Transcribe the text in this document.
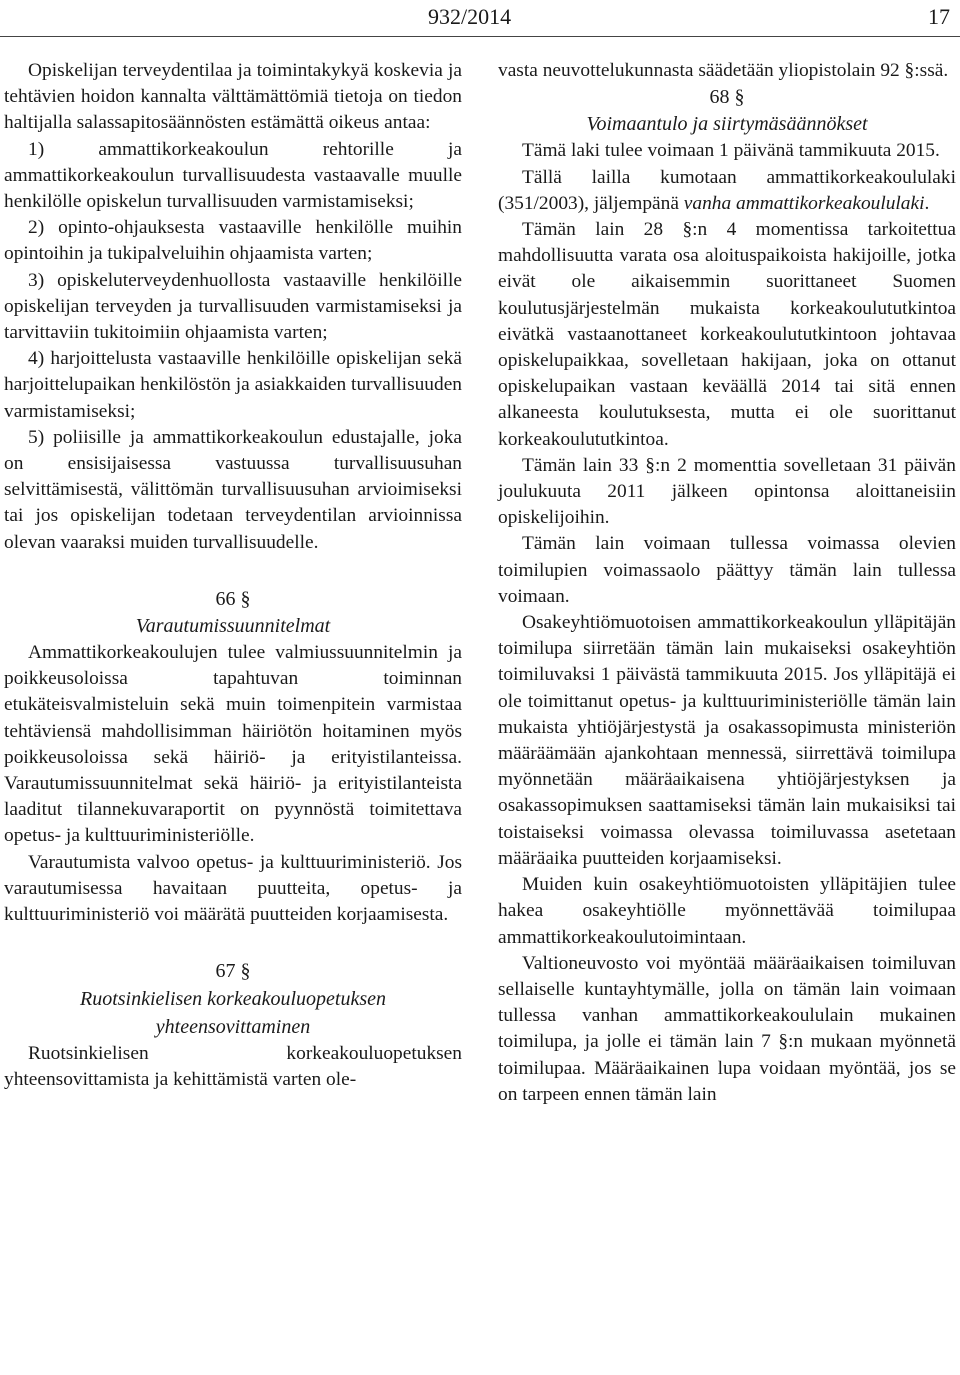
932/2014	17

Opiskelijan terveydentilaa ja toimintakykyä koskevia ja tehtävien hoidon kannalta välttämättömiä tietoja on tiedon haltijalla salassapitosäännösten estämättä oikeus antaa:

1) ammattikorkeakoulun rehtorille ja ammattikorkeakoulun turvallisuudesta vastaavalle muulle henkilölle opiskelun turvallisuuden varmistamiseksi;

2) opinto-ohjauksesta vastaaville henkilölle muihin opintoihin ja tukipalveluihin ohjaamista varten;

3) opiskeluterveydenhuollosta vastaaville henkilöille opiskelijan terveyden ja turvallisuuden varmistamiseksi ja tarvittaviin tukitoimiin ohjaamista varten;

4) harjoittelusta vastaaville henkilöille opiskelijan sekä harjoittelupaikan henkilöstön ja asiakkaiden turvallisuuden varmistamiseksi;

5) poliisille ja ammattikorkeakoulun edustajalle, joka on ensisijaisessa vastuussa turvallisuusuhan selvittämisestä, välittömän turvallisuusuhan arvioimiseksi tai jos opiskelijan todetaan terveydentilan arvioinnissa olevan vaaraksi muiden turvallisuudelle.

66 §

Varautumissuunnitelmat

Ammattikorkeakoulujen tulee valmiussuunnitelmin ja poikkeusoloissa tapahtuvan toiminnan etukäteisvalmisteluin sekä muin toimenpitein varmistaa tehtäviensä mahdollisimman häiriötön hoitaminen myös poikkeusoloissa sekä häiriö- ja erityistilanteissa. Varautumissuunnitelmat sekä häiriö- ja erityistilanteista laaditut tilannekuvaraportit on pyynnöstä toimitettava opetus- ja kulttuuriministeriölle.

Varautumista valvoo opetus- ja kulttuuriministeriö. Jos varautumisessa havaitaan puutteita, opetus- ja kulttuuriministeriö voi määrätä puutteiden korjaamisesta.

67 §

Ruotsinkielisen korkeakouluopetuksen yhteensovittaminen

Ruotsinkielisen korkeakouluopetuksen yhteensovittamista ja kehittämistä varten ole-

vasta neuvottelukunnasta säädetään yliopistolain 92 §:ssä.

68 §

Voimaantulo ja siirtymäsäännökset

Tämä laki tulee voimaan 1 päivänä tammikuuta 2015.

Tällä lailla kumotaan ammattikorkeakoululaki (351/2003), jäljempänä vanha ammattikorkeakoululaki.

Tämän lain 28 §:n 4 momentissa tarkoitettua mahdollisuutta varata osa aloituspaikoista hakijoille, jotka eivät ole aikaisemmin suorittaneet Suomen koulutusjärjestelmän mukaista korkeakoulututkintoa eivätkä vastaanottaneet korkeakoulututkintoon johtavaa opiskelupaikkaa, sovelletaan hakijaan, joka on ottanut opiskelupaikan vastaan keväällä 2014 tai sitä ennen alkaneesta koulutuksesta, mutta ei ole suorittanut korkeakoulututkintoa.

Tämän lain 33 §:n 2 momenttia sovelletaan 31 päivän joulukuuta 2011 jälkeen opintonsa aloittaneisiin opiskelijoihin.

Tämän lain voimaan tullessa voimassa olevien toimilupien voimassaolo päättyy tämän lain tullessa voimaan.

Osakeyhtiömuotoisen ammattikorkeakoulun ylläpitäjän toimilupa siirretään tämän lain mukaiseksi osakeyhtiön toimiluvaksi 1 päivästä tammikuuta 2015. Jos ylläpitäjä ei ole toimittanut opetus- ja kulttuuriministeriölle tämän lain mukaista yhtiöjärjestystä ja osakassopimusta ministeriön määräämään ajankohtaan mennessä, siirrettävä toimilupa myönnetään määräaikaisena yhtiöjärjestyksen ja osakassopimuksen saattamiseksi tämän lain mukaisiksi tai toistaiseksi voimassa olevassa toimiluvassa asetetaan määräaika puutteiden korjaamiseksi.

Muiden kuin osakeyhtiömuotoisten ylläpitäjien tulee hakea osakeyhtiölle myönnettävää toimilupaa ammattikorkeakoulutoimintaan.

Valtioneuvosto voi myöntää määräaikaisen toimiluvan sellaiselle kuntayhtymälle, jolla on tämän lain voimaan tullessa vanhan ammattikorkeakoululain mukainen toimilupa, ja jolle ei tämän lain 7 §:n mukaan myönnetä toimilupaa. Määräaikainen lupa voidaan myöntää, jos se on tarpeen ennen tämän lain
